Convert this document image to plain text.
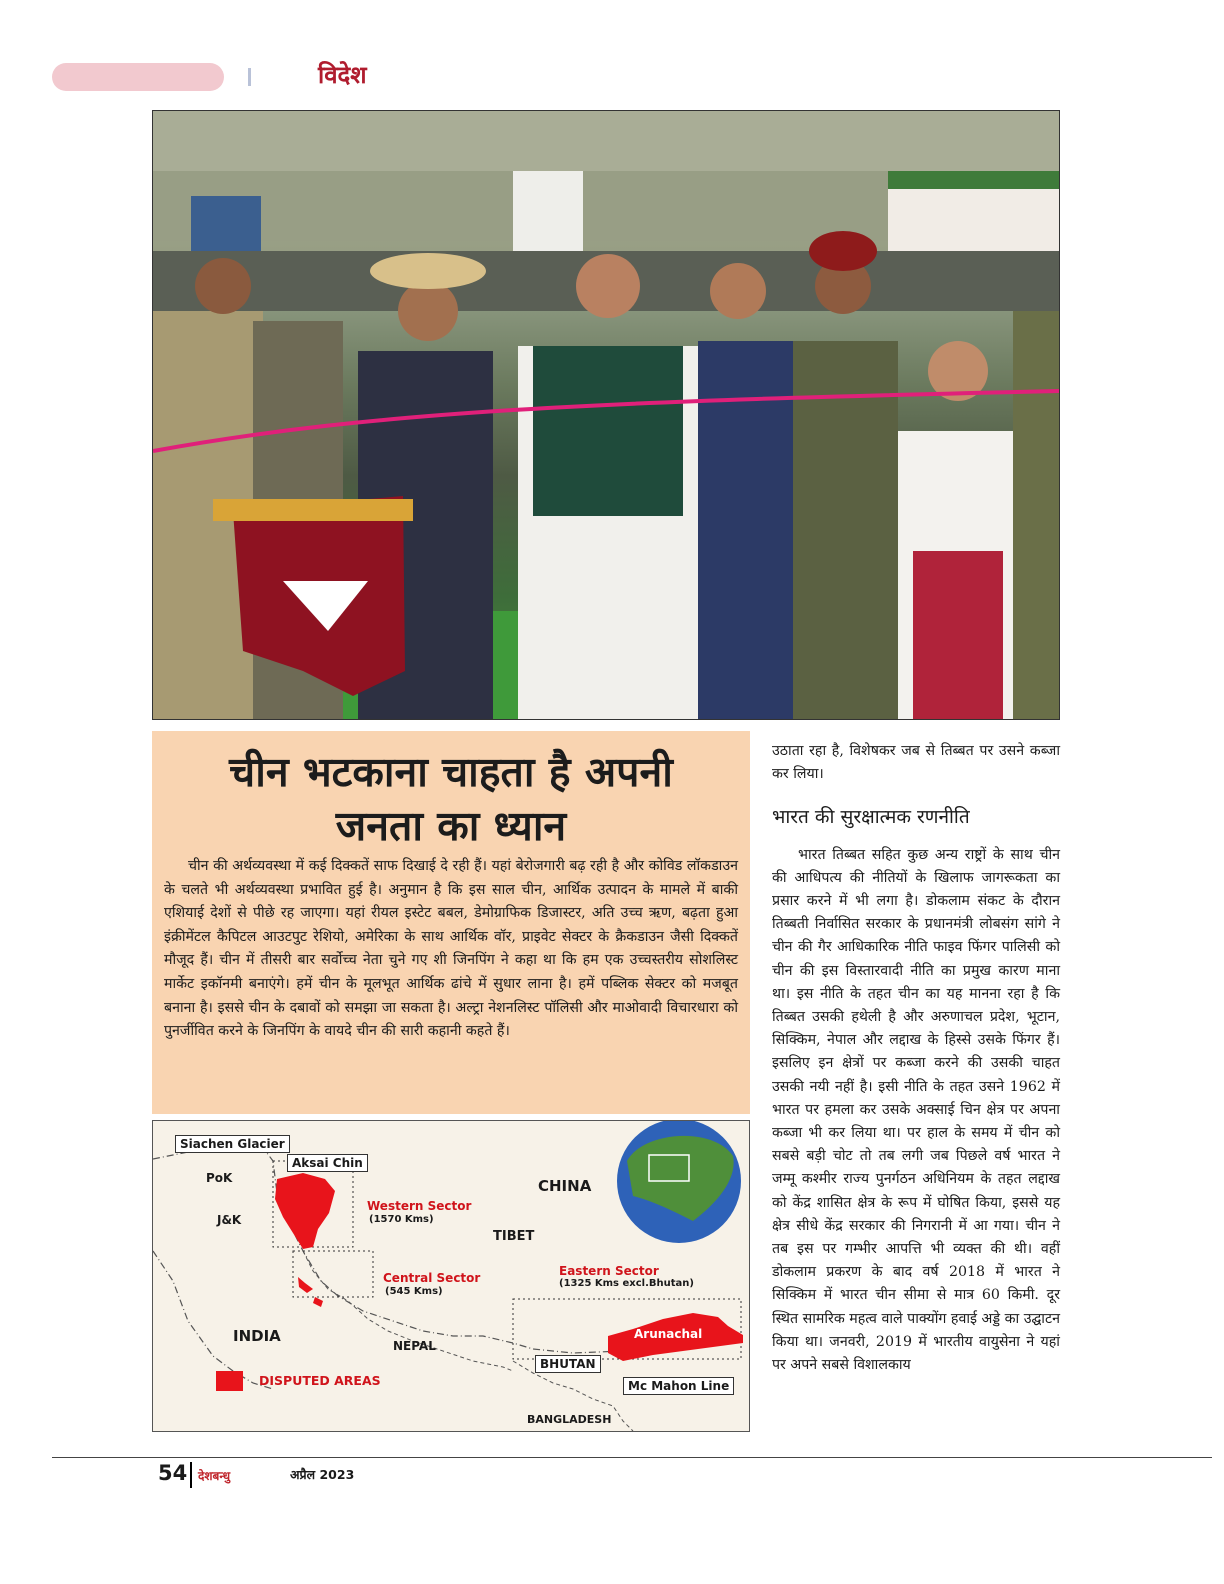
विदेश
चीन भटकाना चाहता है अपनी
जनता का ध्यान

चीन की अर्थव्यवस्था में कई दिक्कतें साफ दिखाई दे रही हैं। यहां बेरोजगारी बढ़ रही है और कोविड लॉकडाउन के चलते भी अर्थव्यवस्था प्रभावित हुई है। अनुमान है कि इस साल चीन, आर्थिक उत्पादन के मामले में बाकी एशियाई देशों से पीछे रह जाएगा। यहां रीयल इस्टेट बबल, डेमोग्राफिक डिजास्टर, अति उच्च ऋण, बढ़ता हुआ इंक्रीमेंटल कैपिटल आउटपुट रेशियो, अमेरिका के साथ आर्थिक वॉर, प्राइवेट सेक्टर के क्रैकडाउन जैसी दिक्कतें मौजूद हैं। चीन में तीसरी बार सर्वोच्च नेता चुने गए शी जिनपिंग ने कहा था कि हम एक उच्चस्तरीय सोशलिस्ट मार्केट इकॉनमी बनाएंगे। हमें चीन के मूलभूत आर्थिक ढांचे में सुधार लाना है। हमें पब्लिक सेक्टर को मजबूत बनाना है। इससे चीन के दबावों को समझा जा सकता है। अल्ट्रा नेशनलिस्ट पॉलिसी और माओवादी विचारधारा को पुनर्जीवित करने के जिनपिंग के वायदे चीन की सारी कहानी कहते हैं।

Siachen Glacier
Aksai Chin
PoK
J&K
CHINA
TIBET
Western Sector
(1570 Kms)
Central Sector
(545 Kms)
Eastern Sector
(1325 Kms excl.Bhutan)
INDIA
NEPAL
BHUTAN
Arunachal
Mc Mahon Line
BANGLADESH
DISPUTED AREAS

उठाता रहा है, विशेषकर जब से तिब्बत पर उसने कब्जा कर लिया।

भारत की सुरक्षात्मक रणनीति

भारत तिब्बत सहित कुछ अन्य राष्ट्रों के साथ चीन की आधिपत्य की नीतियों के खिलाफ जागरूकता का प्रसार करने में भी लगा है। डोकलाम संकट के दौरान तिब्बती निर्वासित सरकार के प्रधानमंत्री लोबसंग सांगे ने चीन की गैर आधिकारिक नीति फाइव फिंगर पालिसी को चीन की इस विस्तारवादी नीति का प्रमुख कारण माना था। इस नीति के तहत चीन का यह मानना रहा है कि तिब्बत उसकी हथेली है और अरुणाचल प्रदेश, भूटान, सिक्किम, नेपाल और लद्दाख के हिस्से उसके फिंगर हैं। इसलिए इन क्षेत्रों पर कब्जा करने की उसकी चाहत उसकी नयी नहीं है। इसी नीति के तहत उसने 1962 में भारत पर हमला कर उसके अक्साई चिन क्षेत्र पर अपना कब्जा भी कर लिया था। पर हाल के समय में चीन को सबसे बड़ी चोट तो तब लगी जब पिछले वर्ष भारत ने जम्मू कश्मीर राज्य पुनर्गठन अधिनियम के तहत लद्दाख को केंद्र शासित क्षेत्र के रूप में घोषित किया, इससे यह क्षेत्र सीधे केंद्र सरकार की निगरानी में आ गया। चीन ने तब इस पर गम्भीर आपत्ति भी व्यक्त की थी। वहीं डोकलाम प्रकरण के बाद वर्ष 2018 में भारत ने सिक्किम में भारत चीन सीमा से मात्र 60 किमी. दूर स्थित सामरिक महत्व वाले पाक्योंग हवाई अड्डे का उद्घाटन किया था। जनवरी, 2019 में भारतीय वायुसेना ने यहां पर अपने सबसे विशालकाय

54 देशबन्धु	अप्रैल 2023
